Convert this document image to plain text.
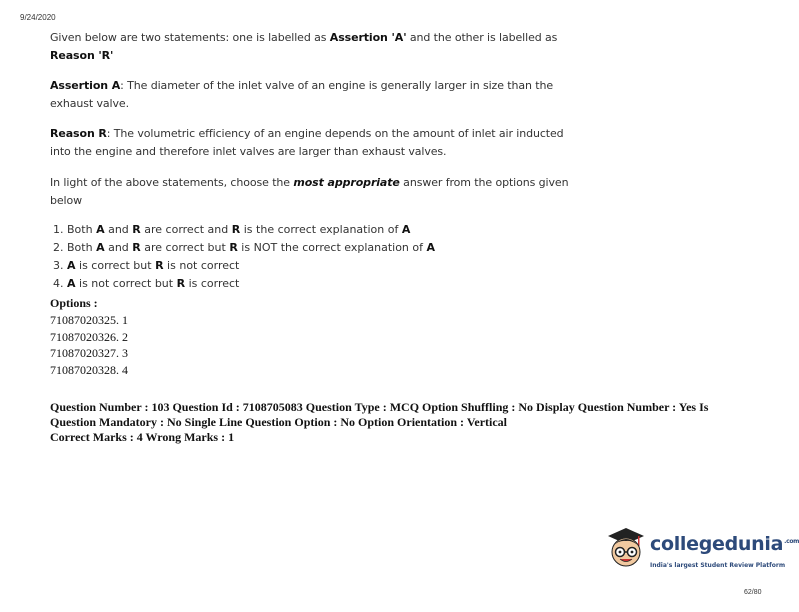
9/24/2020
Given below are two statements: one is labelled as Assertion 'A' and the other is labelled as
Reason 'R'
Assertion A: The diameter of the inlet valve of an engine is generally larger in size than the
exhaust valve.
Reason R: The volumetric efficiency of an engine depends on the amount of inlet air inducted
into the engine and therefore inlet valves are larger than exhaust valves.
In light of the above statements, choose the most appropriate answer from the options given
below
1. Both A and R are correct and R is the correct explanation of A
2. Both A and R are correct but R is NOT the correct explanation of A
3. A is correct but R is not correct
4. A is not correct but R is correct
Options :
71087020325. 1
71087020326. 2
71087020327. 3
71087020328. 4
Question Number : 103 Question Id : 7108705083 Question Type : MCQ Option Shuffling : No Display Question Number : Yes Is
Question Mandatory : No Single Line Question Option : No Option Orientation : Vertical
Correct Marks : 4 Wrong Marks : 1
collegedunia$^{.com}$
India's largest Student Review Platform
62/80
